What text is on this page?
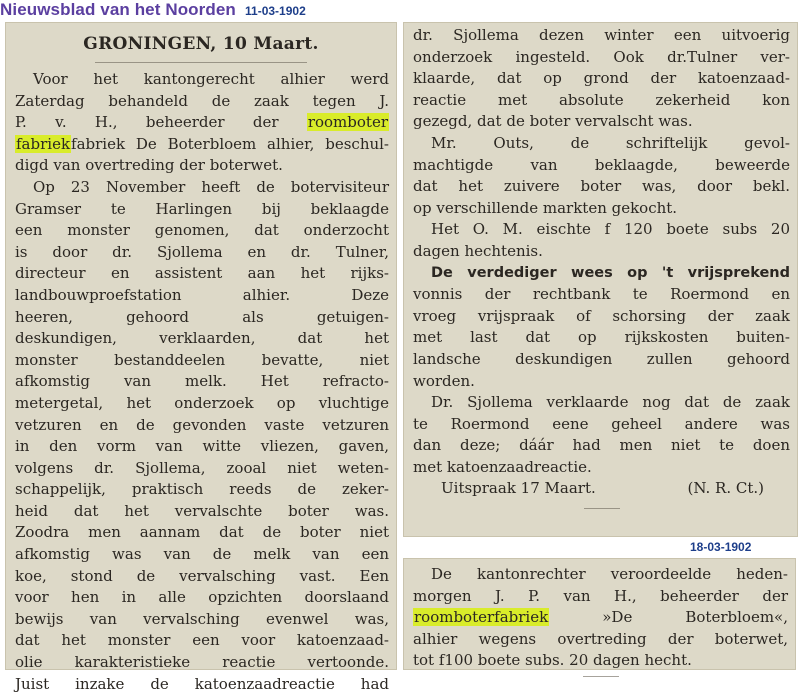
Nieuwsblad van het Noorden 11-03-1902
GRONINGEN, 10 Maart.
Voor het kantongerecht alhier werd
Zaterdag behandeld de zaak tegen J.
P. v. H., beheerder der roomboter
fabriekfabriek De Boterbloem alhier, beschul-
digd van overtreding der boterwet.
Op 23 November heeft de botervisiteur
Gramser te Harlingen bij beklaagde
een monster genomen, dat onderzocht
is door dr. Sjollema en dr. Tulner,
directeur en assistent aan het rijks-
landbouwproefstation alhier. Deze
heeren, gehoord als getuigen-
deskundigen, verklaarden, dat het
monster bestanddeelen bevatte, niet
afkomstig van melk. Het refracto-
metergetal, het onderzoek op vluchtige
vetzuren en de gevonden vaste vetzuren
in den vorm van witte vliezen, gaven,
volgens dr. Sjollema, zooal niet weten-
schappelijk, praktisch reeds de zeker-
heid dat het vervalschte boter was.
Zoodra men aannam dat de boter niet
afkomstig was van de melk van een
koe, stond de vervalsching vast. Een
voor hen in alle opzichten doorslaand
bewijs van vervalsching evenwel was,
dat het monster een voor katoenzaad-
olie karakteristieke reactie vertoonde.
Juist inzake de katoenzaadreactie had
dr. Sjollema dezen winter een uitvoerig
onderzoek ingesteld. Ook dr.Tulner ver-
klaarde, dat op grond der katoenzaad-
reactie met absolute zekerheid kon
gezegd, dat de boter vervalscht was.
Mr. Outs, de schriftelijk gevol-
machtigde van beklaagde, beweerde
dat het zuivere boter was, door bekl.
op verschillende markten gekocht.
Het O. M. eischte f 120 boete subs 20
dagen hechtenis.
De verdediger wees op 't vrijsprekend
vonnis der rechtbank te Roermond en
vroeg vrijspraak of schorsing der zaak
met last dat op rijkskosten buiten-
landsche deskundigen zullen gehoord
worden.
Dr. Sjollema verklaarde nog dat de zaak
te Roermond eene geheel andere was
dan deze; dáár had men niet te doen
met katoenzaadreactie.
Uitspraak 17 Maart.	(N. R. Ct.)
18-03-1902
De kantonrechter veroordeelde heden-
morgen J. P. van H., beheerder der
roomboterfabriek »De Boterbloem«,
alhier wegens overtreding der boterwet,
tot f100 boete subs. 20 dagen hecht.
